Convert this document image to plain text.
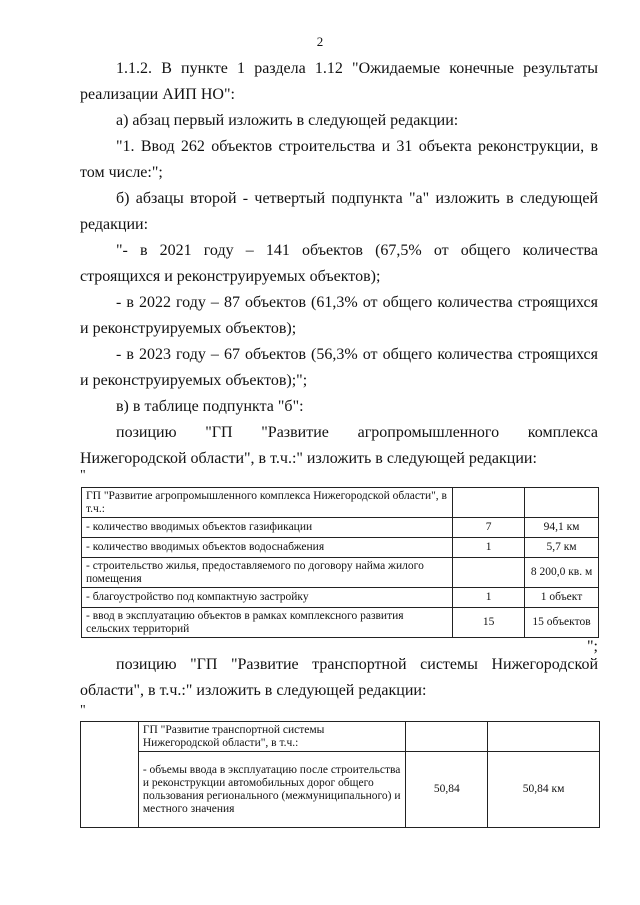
2

1.1.2. В пункте 1 раздела 1.12 "Ожидаемые конечные результаты реализации АИП НО":

а) абзац первый изложить в следующей редакции:

"1. Ввод 262 объектов строительства и 31 объекта реконструкции, в том числе:";

б) абзацы второй - четвертый подпункта "а" изложить в следующей редакции:

"- в 2021 году – 141 объектов (67,5% от общего количества строящихся и реконструируемых объектов);

- в 2022 году – 87 объектов (61,3% от общего количества строящихся и реконструируемых объектов);

- в 2023 году – 67 объектов (56,3% от общего количества строящихся и реконструируемых объектов);";

в) в таблице подпункта "б":

позицию "ГП "Развитие агропромышленного комплекса Нижегородской области", в т.ч.:" изложить в следующей редакции:

"
ГП "Развитие агропромышленного комплекса Нижегородской области", в т.ч.:		
- количество вводимых объектов газификации	7	94,1 км
- количество вводимых объектов водоснабжения	1	5,7 км
- строительство жилья, предоставляемого по договору найма жилого помещения		8 200,0 кв. м
- благоустройство под компактную застройку	1	1 объект
- ввод в эксплуатацию объектов в рамках комплексного развития сельских территорий	15	15 объектов
";

позицию "ГП "Развитие транспортной системы Нижегородской области", в т.ч.:" изложить в следующей редакции:

"
	ГП "Развитие транспортной системы Нижегородской области", в т.ч.:		
	- объемы ввода в эксплуатацию после строительства и реконструкции автомобильных дорог общего пользования регионального (межмуниципального) и местного значения	50,84	50,84 км
